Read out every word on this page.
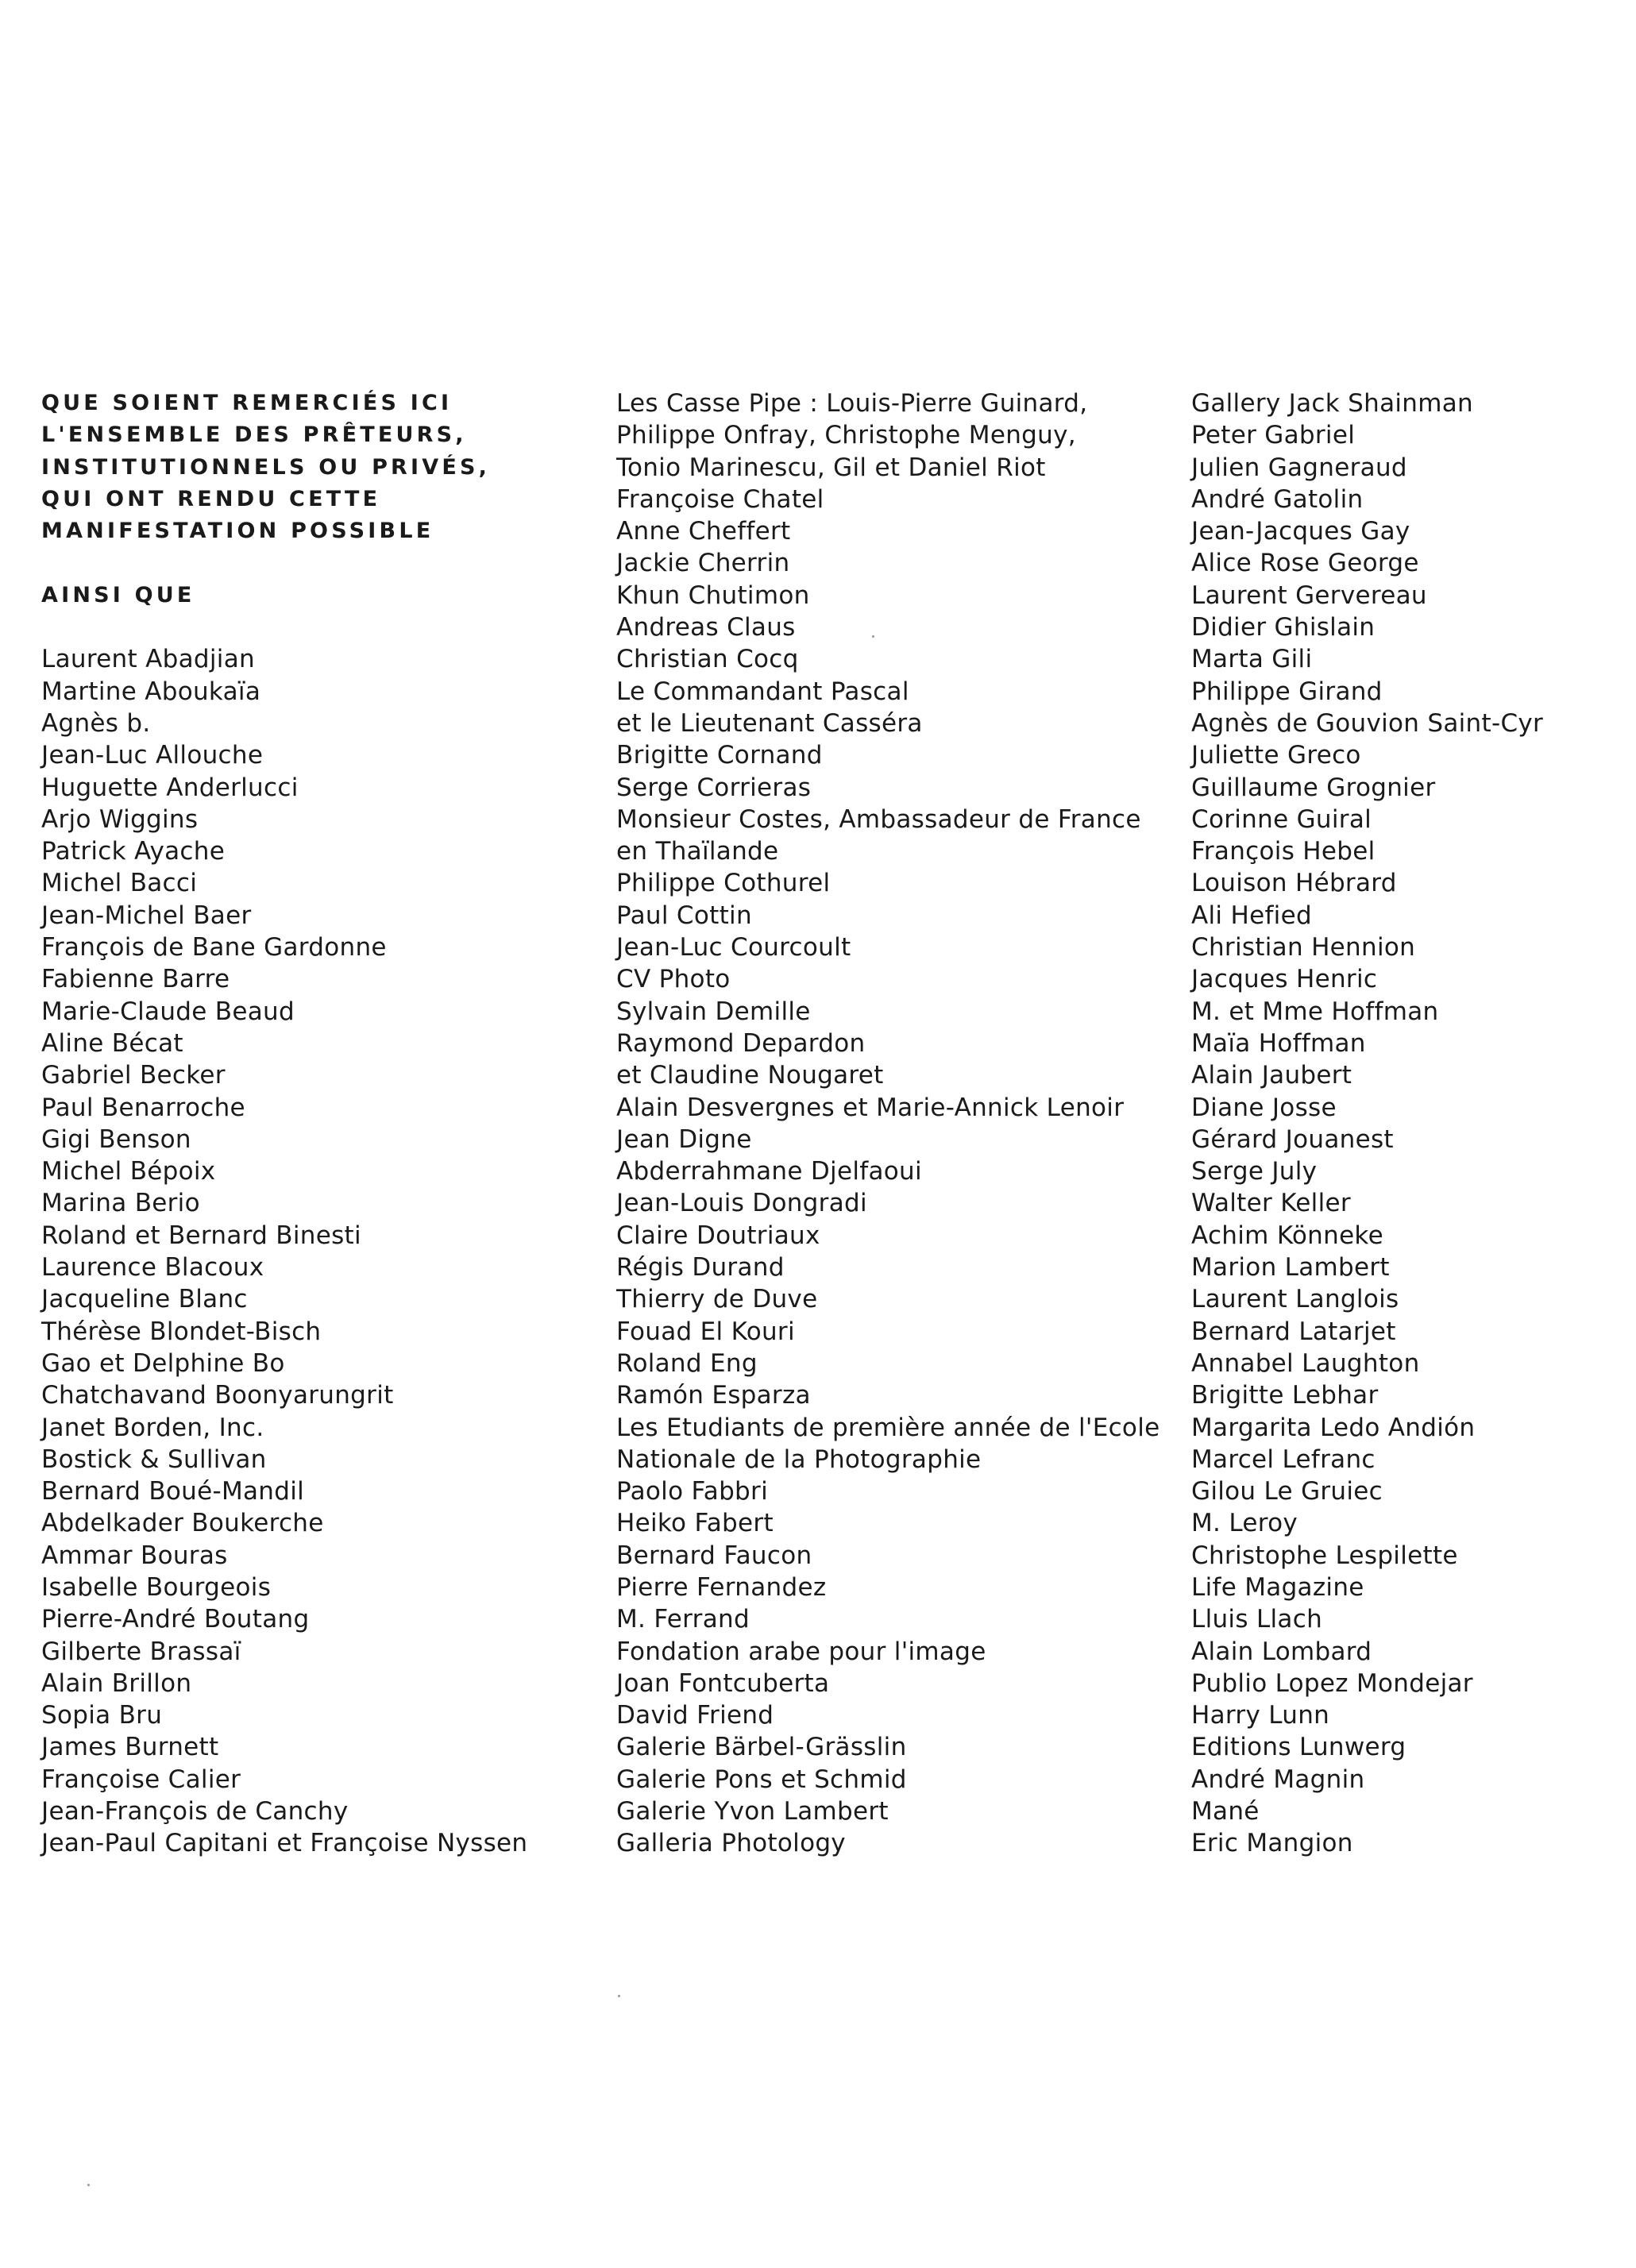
QUE SOIENT REMERCIÉS ICI

L'ENSEMBLE DES PRÊTEURS,

INSTITUTIONNELS OU PRIVÉS,

QUI ONT RENDU CETTE

MANIFESTATION POSSIBLE

AINSI QUE

Laurent Abadjian

Martine Aboukaïa

Agnès b.

Jean-Luc Allouche

Huguette Anderlucci

Arjo Wiggins

Patrick Ayache

Michel Bacci

Jean-Michel Baer

François de Bane Gardonne

Fabienne Barre

Marie-Claude Beaud

Aline Bécat

Gabriel Becker

Paul Benarroche

Gigi Benson

Michel Bépoix

Marina Berio

Roland et Bernard Binesti

Laurence Blacoux

Jacqueline Blanc

Thérèse Blondet-Bisch

Gao et Delphine Bo

Chatchavand Boonyarungrit

Janet Borden, Inc.

Bostick & Sullivan

Bernard Boué-Mandil

Abdelkader Boukerche

Ammar Bouras

Isabelle Bourgeois

Pierre-André Boutang

Gilberte Brassaï

Alain Brillon

Sopia Bru

James Burnett

Françoise Calier

Jean-François de Canchy

Jean-Paul Capitani et Françoise Nyssen

Les Casse Pipe : Louis-Pierre Guinard,

Philippe Onfray, Christophe Menguy,

Tonio Marinescu, Gil et Daniel Riot

Françoise Chatel

Anne Cheffert

Jackie Cherrin

Khun Chutimon

Andreas Claus

Christian Cocq

Le Commandant Pascal

et le Lieutenant Casséra

Brigitte Cornand

Serge Corrieras

Monsieur Costes, Ambassadeur de France

en Thaïlande

Philippe Cothurel

Paul Cottin

Jean-Luc Courcoult

CV Photo

Sylvain Demille

Raymond Depardon

et Claudine Nougaret

Alain Desvergnes et Marie-Annick Lenoir

Jean Digne

Abderrahmane Djelfaoui

Jean-Louis Dongradi

Claire Doutriaux

Régis Durand

Thierry de Duve

Fouad El Kouri

Roland Eng

Ramón Esparza

Les Etudiants de première année de l'Ecole

Nationale de la Photographie

Paolo Fabbri

Heiko Fabert

Bernard Faucon

Pierre Fernandez

M. Ferrand

Fondation arabe pour l'image

Joan Fontcuberta

David Friend

Galerie Bärbel-Grässlin

Galerie Pons et Schmid

Galerie Yvon Lambert

Galleria Photology

Gallery Jack Shainman

Peter Gabriel

Julien Gagneraud

André Gatolin

Jean-Jacques Gay

Alice Rose George

Laurent Gervereau

Didier Ghislain

Marta Gili

Philippe Girand

Agnès de Gouvion Saint-Cyr

Juliette Greco

Guillaume Grognier

Corinne Guiral

François Hebel

Louison Hébrard

Ali Hefied

Christian Hennion

Jacques Henric

M. et Mme Hoffman

Maïa Hoffman

Alain Jaubert

Diane Josse

Gérard Jouanest

Serge July

Walter Keller

Achim Könneke

Marion Lambert

Laurent Langlois

Bernard Latarjet

Annabel Laughton

Brigitte Lebhar

Margarita Ledo Andión

Marcel Lefranc

Gilou Le Gruiec

M. Leroy

Christophe Lespilette

Life Magazine

Lluis Llach

Alain Lombard

Publio Lopez Mondejar

Harry Lunn

Editions Lunwerg

André Magnin

Mané

Eric Mangion
